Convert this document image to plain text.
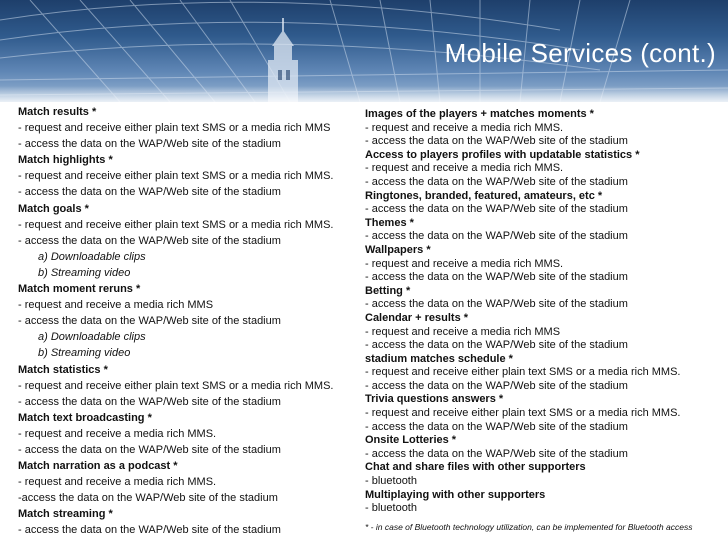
Mobile Services (cont.)
Match results *
- request and receive either plain text SMS or a media rich MMS
- access the data on the WAP/Web site of the stadium
Match highlights *
- request and receive either plain text SMS or a media rich MMS.
- access the data on the WAP/Web site of the stadium
Match goals *
- request and receive either plain text SMS or a media rich MMS.
- access the data on the WAP/Web site of the stadium
a) Downloadable clips
b) Streaming video
Match moment reruns *
- request and receive a media rich MMS
- access the data on the WAP/Web site of the stadium
a) Downloadable clips
b) Streaming video
Match statistics *
- request and receive either plain text SMS or a media rich MMS.
- access the data on the WAP/Web site of the stadium
Match text broadcasting *
- request and receive a media rich MMS.
- access the data on the WAP/Web site of the stadium
Match narration as a podcast *
- request and receive a media rich MMS.
-access the data on the WAP/Web site of the stadium
Match streaming *
- access the data on the WAP/Web site of the stadium
Images of the players + matches moments *
- request and receive a media rich MMS.
- access the data on the WAP/Web site of the stadium
Access to players profiles with updatable statistics *
- request and receive a media rich MMS.
- access the data on the WAP/Web site of the stadium
Ringtones, branded, featured, amateurs, etc *
- access the data on the WAP/Web site of the stadium
Themes *
- access the data on the WAP/Web site of the stadium
Wallpapers *
- request and receive a media rich MMS.
- access the data on the WAP/Web site of the stadium
Betting *
- access the data on the WAP/Web site of the stadium
Calendar + results *
- request and receive a media rich MMS
- access the data on the WAP/Web site of the stadium
stadium matches schedule *
- request and receive either plain text SMS or a media rich MMS.
- access the data on the WAP/Web site of the stadium
Trivia questions answers *
- request and receive either plain text SMS or a media rich MMS.
- access the data on the WAP/Web site of the stadium
Onsite Lotteries *
- access the data on the WAP/Web site of the stadium
Chat and share files with other supporters
- bluetooth
Multiplaying with other supporters
- bluetooth
* - in case of Bluetooth technology utilization, can be implemented for Bluetooth access
